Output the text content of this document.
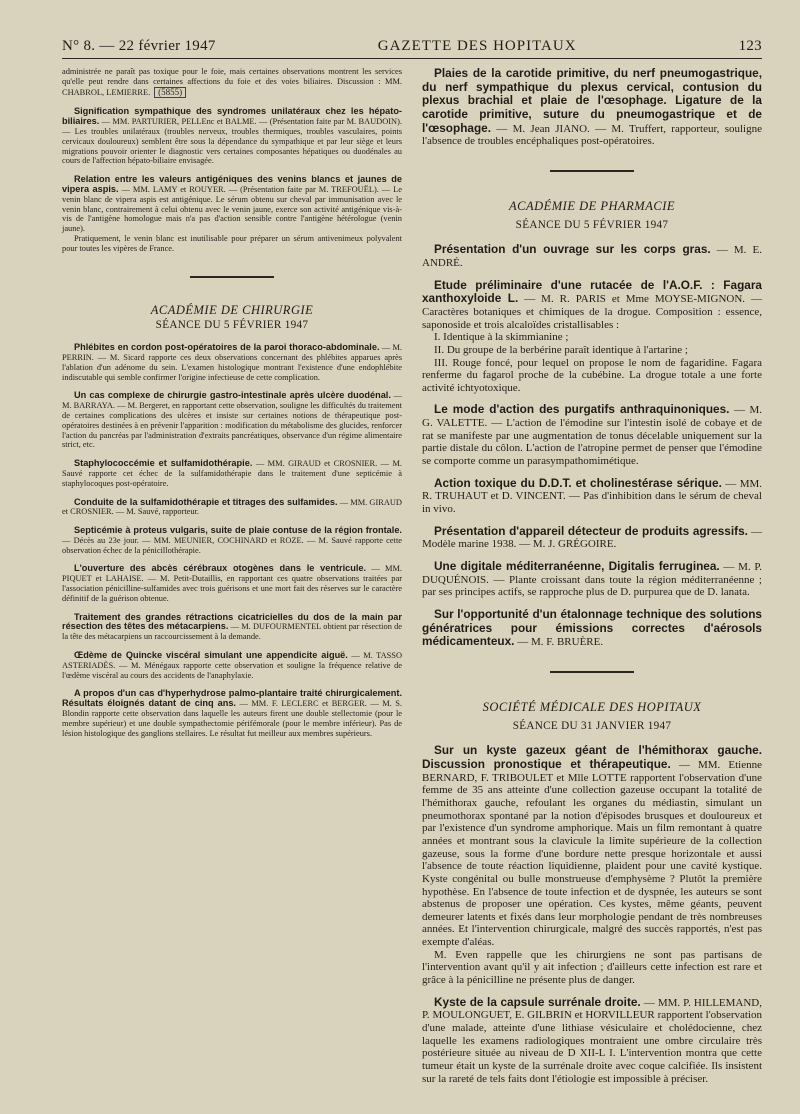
N° 8. — 22 février 1947	GAZETTE DES HOPITAUX	123

administrée ne paraît pas toxique pour le foie, mais certaines observations montrent les services qu'elle peut rendre dans certaines affections du foie et des voies biliaires. Discussion : MM. CHABROL, LEMIERRE. (5855)

Signification sympathique des syndromes unilatéraux chez les hépato-biliaires. — MM. PARTURIER, PELLEnc et BALME. — (Présentation faite par M. BAUDOIN). — Les troubles unilatéraux (troubles nerveux, troubles thermiques, troubles vasculaires, points cervicaux douloureux) semblent être sous la dépendance du sympathique et par leur siège et leurs migrations pouvoir orienter le diagnostic vers certaines composantes hépatiques ou duodénales au cours de l'affection hépato-biliaire envisagée.

Relation entre les valeurs antigéniques des venins blancs et jaunes de vipera aspis. — MM. LAMY et ROUYER. — (Présentation faite par M. TREFOUËL). — Le venin blanc de vipera aspis est antigénique. Le sérum obtenu sur cheval par immunisation avec le venin blanc, contrairement à celui obtenu avec le venin jaune, exerce son activité antigénique vis-à-vis de l'antigène homologue mais n'a pas d'action sensible contre l'antigène hétérologue (venin jaune).

Pratiquement, le venin blanc est inutilisable pour préparer un sérum antivenimeux polyvalent pour toutes les vipères de France.

ACADÉMIE DE CHIRURGIE
SÉANCE DU 5 FÉVRIER 1947

Phlébites en cordon post-opératoires de la paroi thoraco-abdominale. — M. PERRIN. — M. Sicard rapporte ces deux observations concernant des phlébites apparues après l'ablation d'un adénome du sein. L'examen histologique montrant l'existence d'une endophlébite indiscutable qui semble confirmer l'origine infectieuse de cette complication.

Un cas complexe de chirurgie gastro-intestinale après ulcère duodénal. — M. BARRAYA. — M. Bergeret, en rapportant cette observation, souligne les difficultés du traitement de certaines complications des ulcères et insiste sur certaines notions de thérapeutique post-opératoires destinées à en prévenir l'apparition : modification du métabolisme des glucides, renforcer l'action du pancréas par l'administration d'extraits pancréatiques, observance d'un régime alimentaire strict, etc.

Staphylococcémie et sulfamidothérapie. — MM. GIRAUD et CROSNIER. — M. Sauvé rapporte cet échec de la sulfamidothérapie dans le traitement d'une septicémie à staphylocoques post-opératoire.

Conduite de la sulfamidothérapie et titrages des sulfamides. — MM. GIRAUD et CROSNIER. — M. Sauvé, rapporteur.

Septicémie à proteus vulgaris, suite de plaie contuse de la région frontale. — Décès au 23e jour. — MM. MEUNIER, COCHINARD et ROZE. — M. Sauvé rapporte cette observation échec de la pénicillothérapie.

L'ouverture des abcès cérébraux otogènes dans le ventricule. — MM. PIQUET et LAHAISE. — M. Petit-Dutaillis, en rapportant ces quatre observations traitées par l'association pénicilline-sulfamides avec trois guérisons et une mort fait des réserves sur le caractère définitif de la guérison obtenue.

Traitement des grandes rétractions cicatricielles du dos de la main par résection des têtes des métacarpiens. — M. DUFOURMENTEL obtient par résection de la tête des métacarpiens un raccourcissement à la demande.

Œdème de Quincke viscéral simulant une appendicite aiguë. — M. TASSO ASTERIADÈS. — M. Ménégaux rapporte cette observation et souligne la fréquence relative de l'œdème viscéral au cours des accidents de l'anaphylaxie.

A propos d'un cas d'hyperhydrose palmo-plantaire traité chirurgicalement. Résultats éloignés datant de cinq ans. — MM. F. LECLERC et BERGER. — M. S. Blondin rapporte cette observation dans laquelle les auteurs firent une double stellectomie (pour le membre supérieur) et une double sympathectomie périfémorale (pour le membre inférieur). Pas de lésion histologique des ganglions stellaires. Le résultat fut meilleur aux membres supérieurs.

Plaies de la carotide primitive, du nerf pneumogastrique, du nerf sympathique du plexus cervical, contusion du plexus brachial et plaie de l'œsophage. Ligature de la carotide primitive, suture du pneumogastrique et de l'œsophage. — M. Jean JIANO. — M. Truffert, rapporteur, souligne l'absence de troubles encéphaliques post-opératoires.

ACADÉMIE DE PHARMACIE
SÉANCE DU 5 FÉVRIER 1947

Présentation d'un ouvrage sur les corps gras. — M. E. ANDRÉ.

Etude préliminaire d'une rutacée de l'A.O.F. : Fagara xanthoxyloide L. — M. R. PARIS et Mme MOYSE-MIGNON. — Caractères botaniques et chimiques de la drogue. Composition : essence, saponoside et trois alcaloïdes cristallisables :

I. Identique à la skimmianine ;

II. Du groupe de la berbérine paraît identique à l'artarine ;

III. Rouge foncé, pour lequel on propose le nom de fagaridine. Fagara renferme du fagarol proche de la cubébine. La drogue totale a une forte activité ichtyotoxique.

Le mode d'action des purgatifs anthraquinoniques. — M. G. VALETTE. — L'action de l'émodine sur l'intestin isolé de cobaye et de rat se manifeste par une augmentation de tonus décelable uniquement sur la partie distale du côlon. L'action de l'atropine permet de penser que l'émodine se comporte comme un parasympathomimétique.

Action toxique du D.D.T. et cholinestérase sérique. — MM. R. TRUHAUT et D. VINCENT. — Pas d'inhibition dans le sérum de cheval in vivo.

Présentation d'appareil détecteur de produits agressifs. — Modèle marine 1938. — M. J. GRÉGOIRE.

Une digitale méditerranéenne, Digitalis ferruginea. — M. P. DUQUÉNOIS. — Plante croissant dans toute la région méditerranéenne ; par ses principes actifs, se rapproche plus de D. purpurea que de D. lanata.

Sur l'opportunité d'un étalonnage technique des solutions génératrices pour émissions correctes d'aérosols médicamenteux. — M. F. BRUÈRE.

SOCIÉTÉ MÉDICALE DES HOPITAUX
SÉANCE DU 31 JANVIER 1947

Sur un kyste gazeux géant de l'hémithorax gauche. Discussion pronostique et thérapeutique. — MM. Etienne BERNARD, F. TRIBOULET et Mlle LOTTE rapportent l'observation d'une femme de 35 ans atteinte d'une collection gazeuse occupant la totalité de l'hémithorax gauche, refoulant les organes du médiastin, simulant un pneumothorax spontané par la notion d'épisodes brusques et douloureux et par l'existence d'un syndrome amphorique. Mais un film remontant à quatre années et montrant sous la clavicule la limite supérieure de la collection gazeuse, sous la forme d'une bordure nette presque horizontale et aussi l'absence de toute réaction liquidienne, plaident pour une cavité kystique. Kyste congénital ou bulle monstrueuse d'emphysème ? Plutôt la première hypothèse. En l'absence de toute infection et de dyspnée, les auteurs se sont abstenus de proposer une opération. Ces kystes, même géants, peuvent demeurer latents et fixés dans leur morphologie pendant de très nombreuses années. Et l'intervention chirurgicale, malgré des succès rapportés, n'est pas exempte d'aléas.

M. Even rappelle que les chirurgiens ne sont pas partisans de l'intervention avant qu'il y ait infection ; d'ailleurs cette infection est rare et grâce à la pénicilline ne présente plus de danger.

Kyste de la capsule surrénale droite. — MM. P. HILLEMAND, P. MOULONGUET, E. GILBRIN et HORVILLEUR rapportent l'observation d'une malade, atteinte d'une lithiase vésiculaire et cholédocienne, chez laquelle les examens radiologiques montraient une ombre circulaire très postérieure située au niveau de D XII-L I. L'intervention montra que cette tumeur était un kyste de la surrénale droite avec coque calcifiée. Ils insistent sur la rareté de tels faits dont l'étiologie est impossible à préciser.
